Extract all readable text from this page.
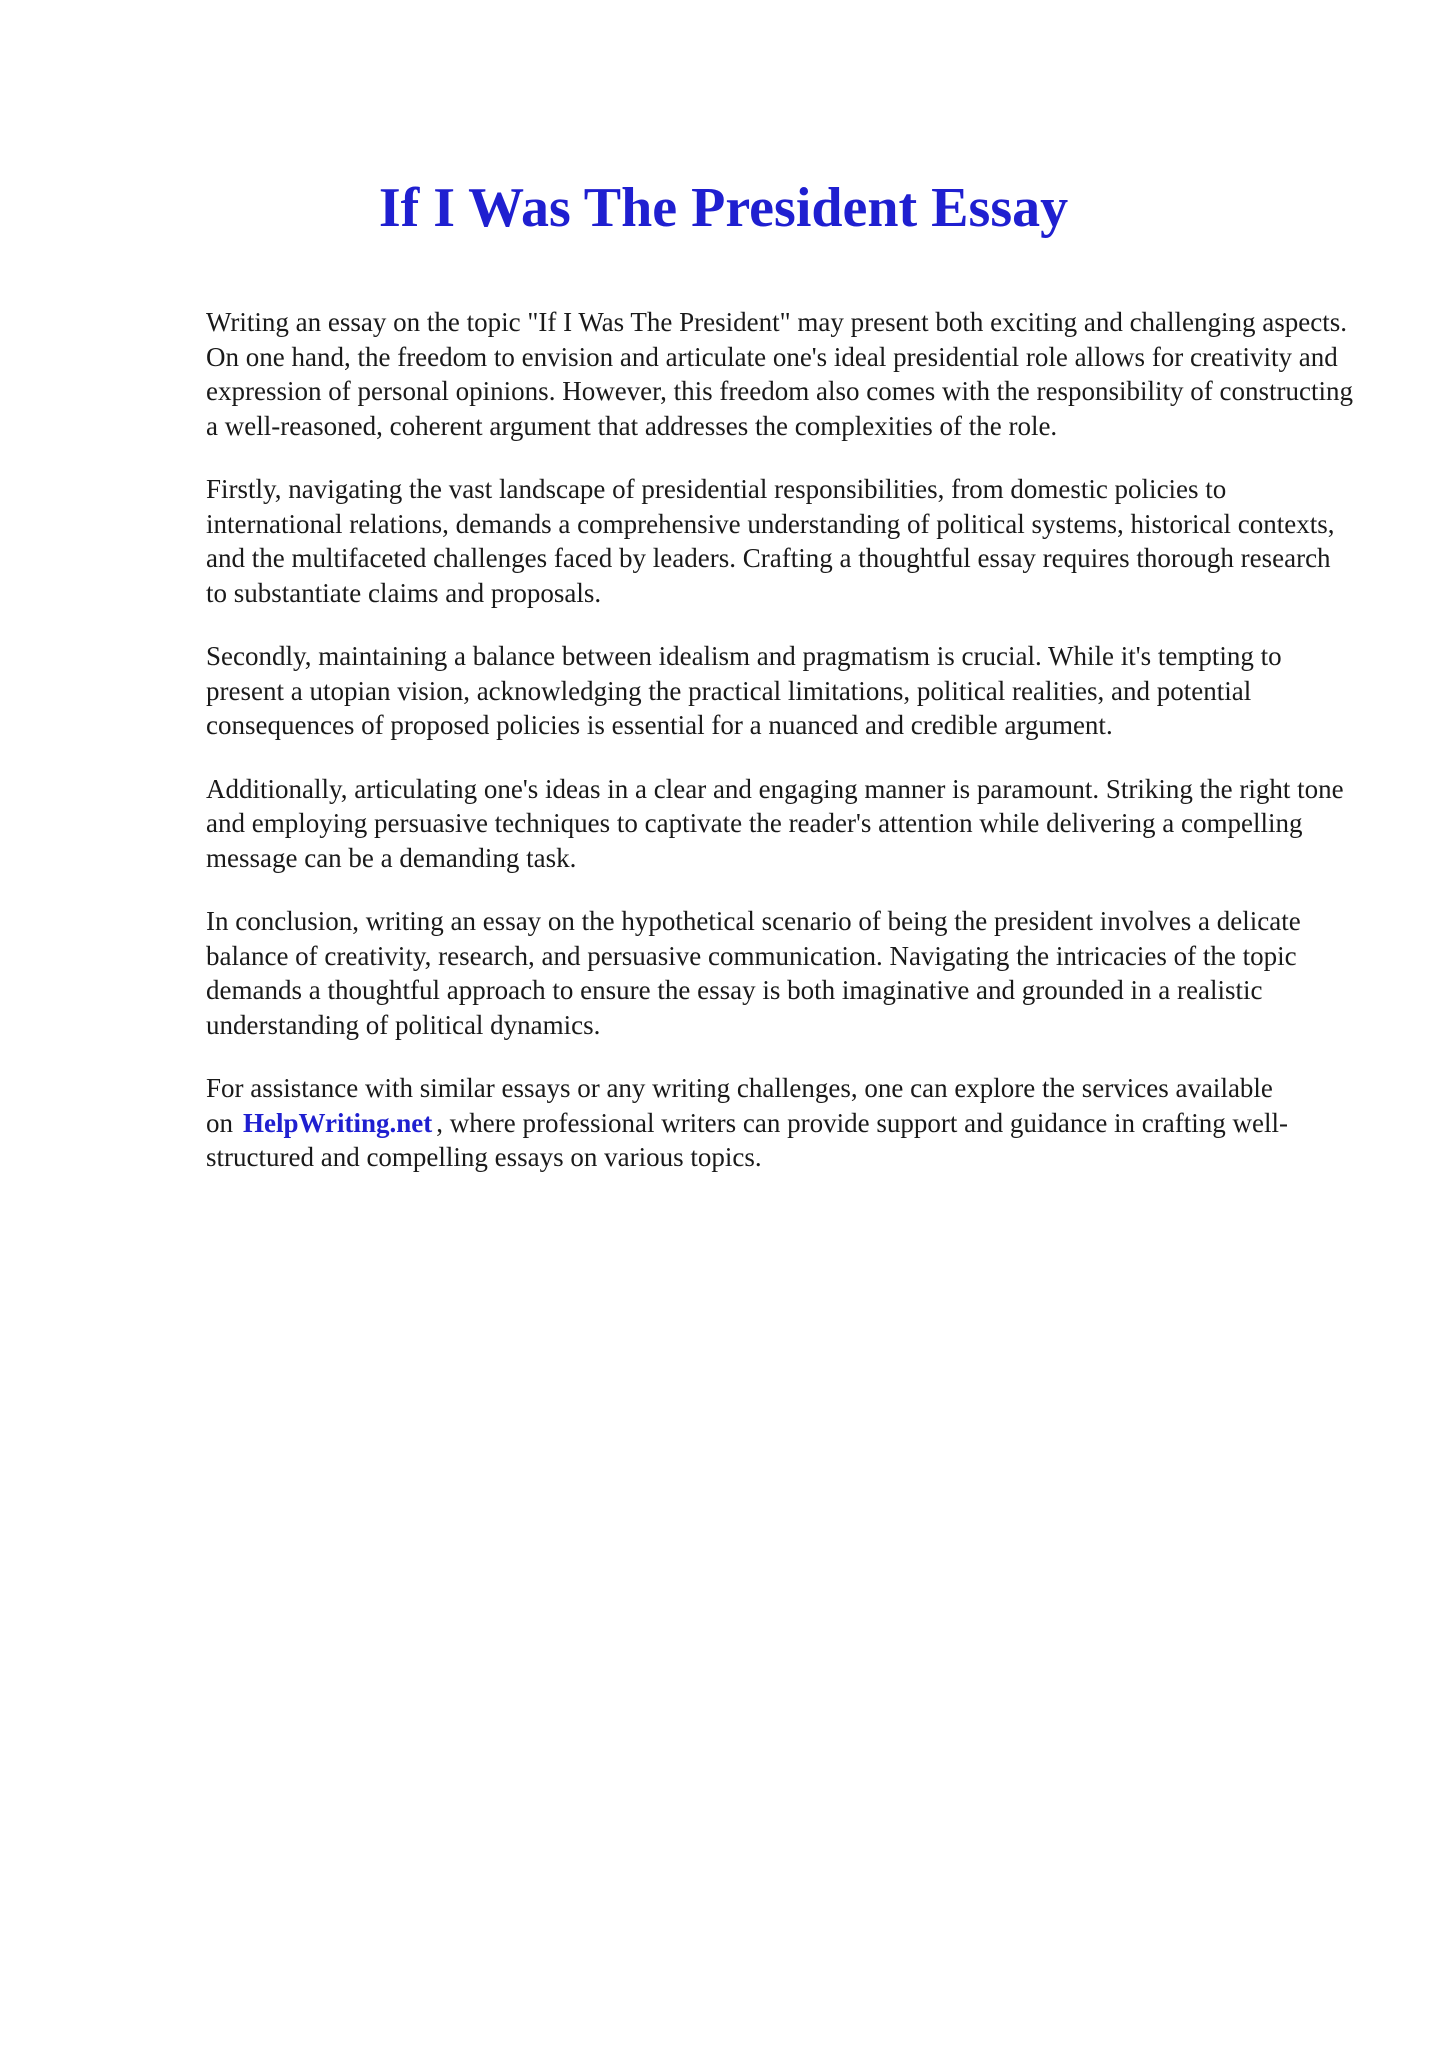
If I Was The President Essay

Writing an essay on the topic "If I Was The President" may present both exciting and challenging aspects. On one hand, the freedom to envision and articulate one's ideal presidential role allows for creativity and expression of personal opinions. However, this freedom also comes with the responsibility of constructing a well-reasoned, coherent argument that addresses the complexities of the role.

Firstly, navigating the vast landscape of presidential responsibilities, from domestic policies to international relations, demands a comprehensive understanding of political systems, historical contexts, and the multifaceted challenges faced by leaders. Crafting a thoughtful essay requires thorough research to substantiate claims and proposals.

Secondly, maintaining a balance between idealism and pragmatism is crucial. While it's tempting to present a utopian vision, acknowledging the practical limitations, political realities, and potential consequences of proposed policies is essential for a nuanced and credible argument.

Additionally, articulating one's ideas in a clear and engaging manner is paramount. Striking the right tone and employing persuasive techniques to captivate the reader's attention while delivering a compelling message can be a demanding task.

In conclusion, writing an essay on the hypothetical scenario of being the president involves a delicate balance of creativity, research, and persuasive communication. Navigating the intricacies of the topic demands a thoughtful approach to ensure the essay is both imaginative and grounded in a realistic understanding of political dynamics.

For assistance with similar essays or any writing challenges, one can explore the services available on HelpWriting.net , where professional writers can provide support and guidance in crafting well-structured and compelling essays on various topics.
